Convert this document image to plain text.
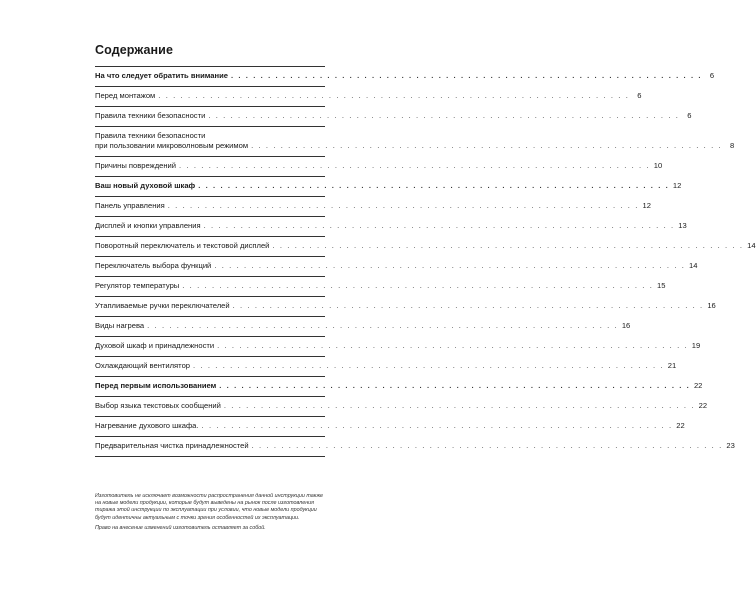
Содержание
На что следует обратить внимание . . . . . . . . . . . . . . . . . . . . . . . . . . . . . . . . . . . . . . . . . . . . . . . . . . . . . . . . . . . . . . . .	6
Перед монтажом . . . . . . . . . . . . . . . . . . . . . . . . . . . . . . . . . . . . . . . . . . . . . . . . . . . . . . . . . . . . . . . .	6
Правила техники безопасности . . . . . . . . . . . . . . . . . . . . . . . . . . . . . . . . . . . . . . . . . . . . . . . . . . . . . . . . . . . . . . . .	6
Правила техники безопасности
при пользовании микроволновым режимом . . . . . . . . . . . . . . . . . . . . . . . . . . . . . . . . . . . . . . . . . . . . . . . . . . . . . . . . . . . . . . . .	8
Причины повреждений . . . . . . . . . . . . . . . . . . . . . . . . . . . . . . . . . . . . . . . . . . . . . . . . . . . . . . . . . . . . . . . . 10
Ваш новый духовой шкаф . . . . . . . . . . . . . . . . . . . . . . . . . . . . . . . . . . . . . . . . . . . . . . . . . . . . . . . . . . . . . . . . 12
Панель управления . . . . . . . . . . . . . . . . . . . . . . . . . . . . . . . . . . . . . . . . . . . . . . . . . . . . . . . . . . . . . . . . 12
Дисплей и кнопки управления . . . . . . . . . . . . . . . . . . . . . . . . . . . . . . . . . . . . . . . . . . . . . . . . . . . . . . . . . . . . . . . . 13
Поворотный переключатель и текстовой дисплей . . . . . . . . . . . . . . . . . . . . . . . . . . . . . . . . . . . . . . . . . . . . . . . . . . . . . . . . . . . . . . . . 14
Переключатель выбора функций . . . . . . . . . . . . . . . . . . . . . . . . . . . . . . . . . . . . . . . . . . . . . . . . . . . . . . . . . . . . . . . . 14
Регулятор температуры . . . . . . . . . . . . . . . . . . . . . . . . . . . . . . . . . . . . . . . . . . . . . . . . . . . . . . . . . . . . . . . . 15
Утапливаемые ручки переключателей . . . . . . . . . . . . . . . . . . . . . . . . . . . . . . . . . . . . . . . . . . . . . . . . . . . . . . . . . . . . . . . . 16
Виды нагрева . . . . . . . . . . . . . . . . . . . . . . . . . . . . . . . . . . . . . . . . . . . . . . . . . . . . . . . . . . . . . . . . 16
Духовой шкаф и принадлежности . . . . . . . . . . . . . . . . . . . . . . . . . . . . . . . . . . . . . . . . . . . . . . . . . . . . . . . . . . . . . . . . 19
Охлаждающий вентилятор . . . . . . . . . . . . . . . . . . . . . . . . . . . . . . . . . . . . . . . . . . . . . . . . . . . . . . . . . . . . . . . . 21
Перед первым использованием . . . . . . . . . . . . . . . . . . . . . . . . . . . . . . . . . . . . . . . . . . . . . . . . . . . . . . . . . . . . . . . . 22
Выбор языка текстовых сообщений . . . . . . . . . . . . . . . . . . . . . . . . . . . . . . . . . . . . . . . . . . . . . . . . . . . . . . . . . . . . . . . . 22
Нагревание духового шкафа. . . . . . . . . . . . . . . . . . . . . . . . . . . . . . . . . . . . . . . . . . . . . . . . . . . . . . . . . . . . . . . . . 22
Предварительная чистка принадлежностей . . . . . . . . . . . . . . . . . . . . . . . . . . . . . . . . . . . . . . . . . . . . . . . . . . . . . . . . . . . . . . . . 23

Изготовитель не исключает возможности распространения данной инструкции также на новые модели продукции, которые будут выведены на рынок после изготовления тиража этой инструкции по эксплуатации при условии, что новые модели продукции будут идентичны актуальным с точки зрения особенностей их эксплуатации.

Право на внесение изменений изготовитель оставляет за собой.
